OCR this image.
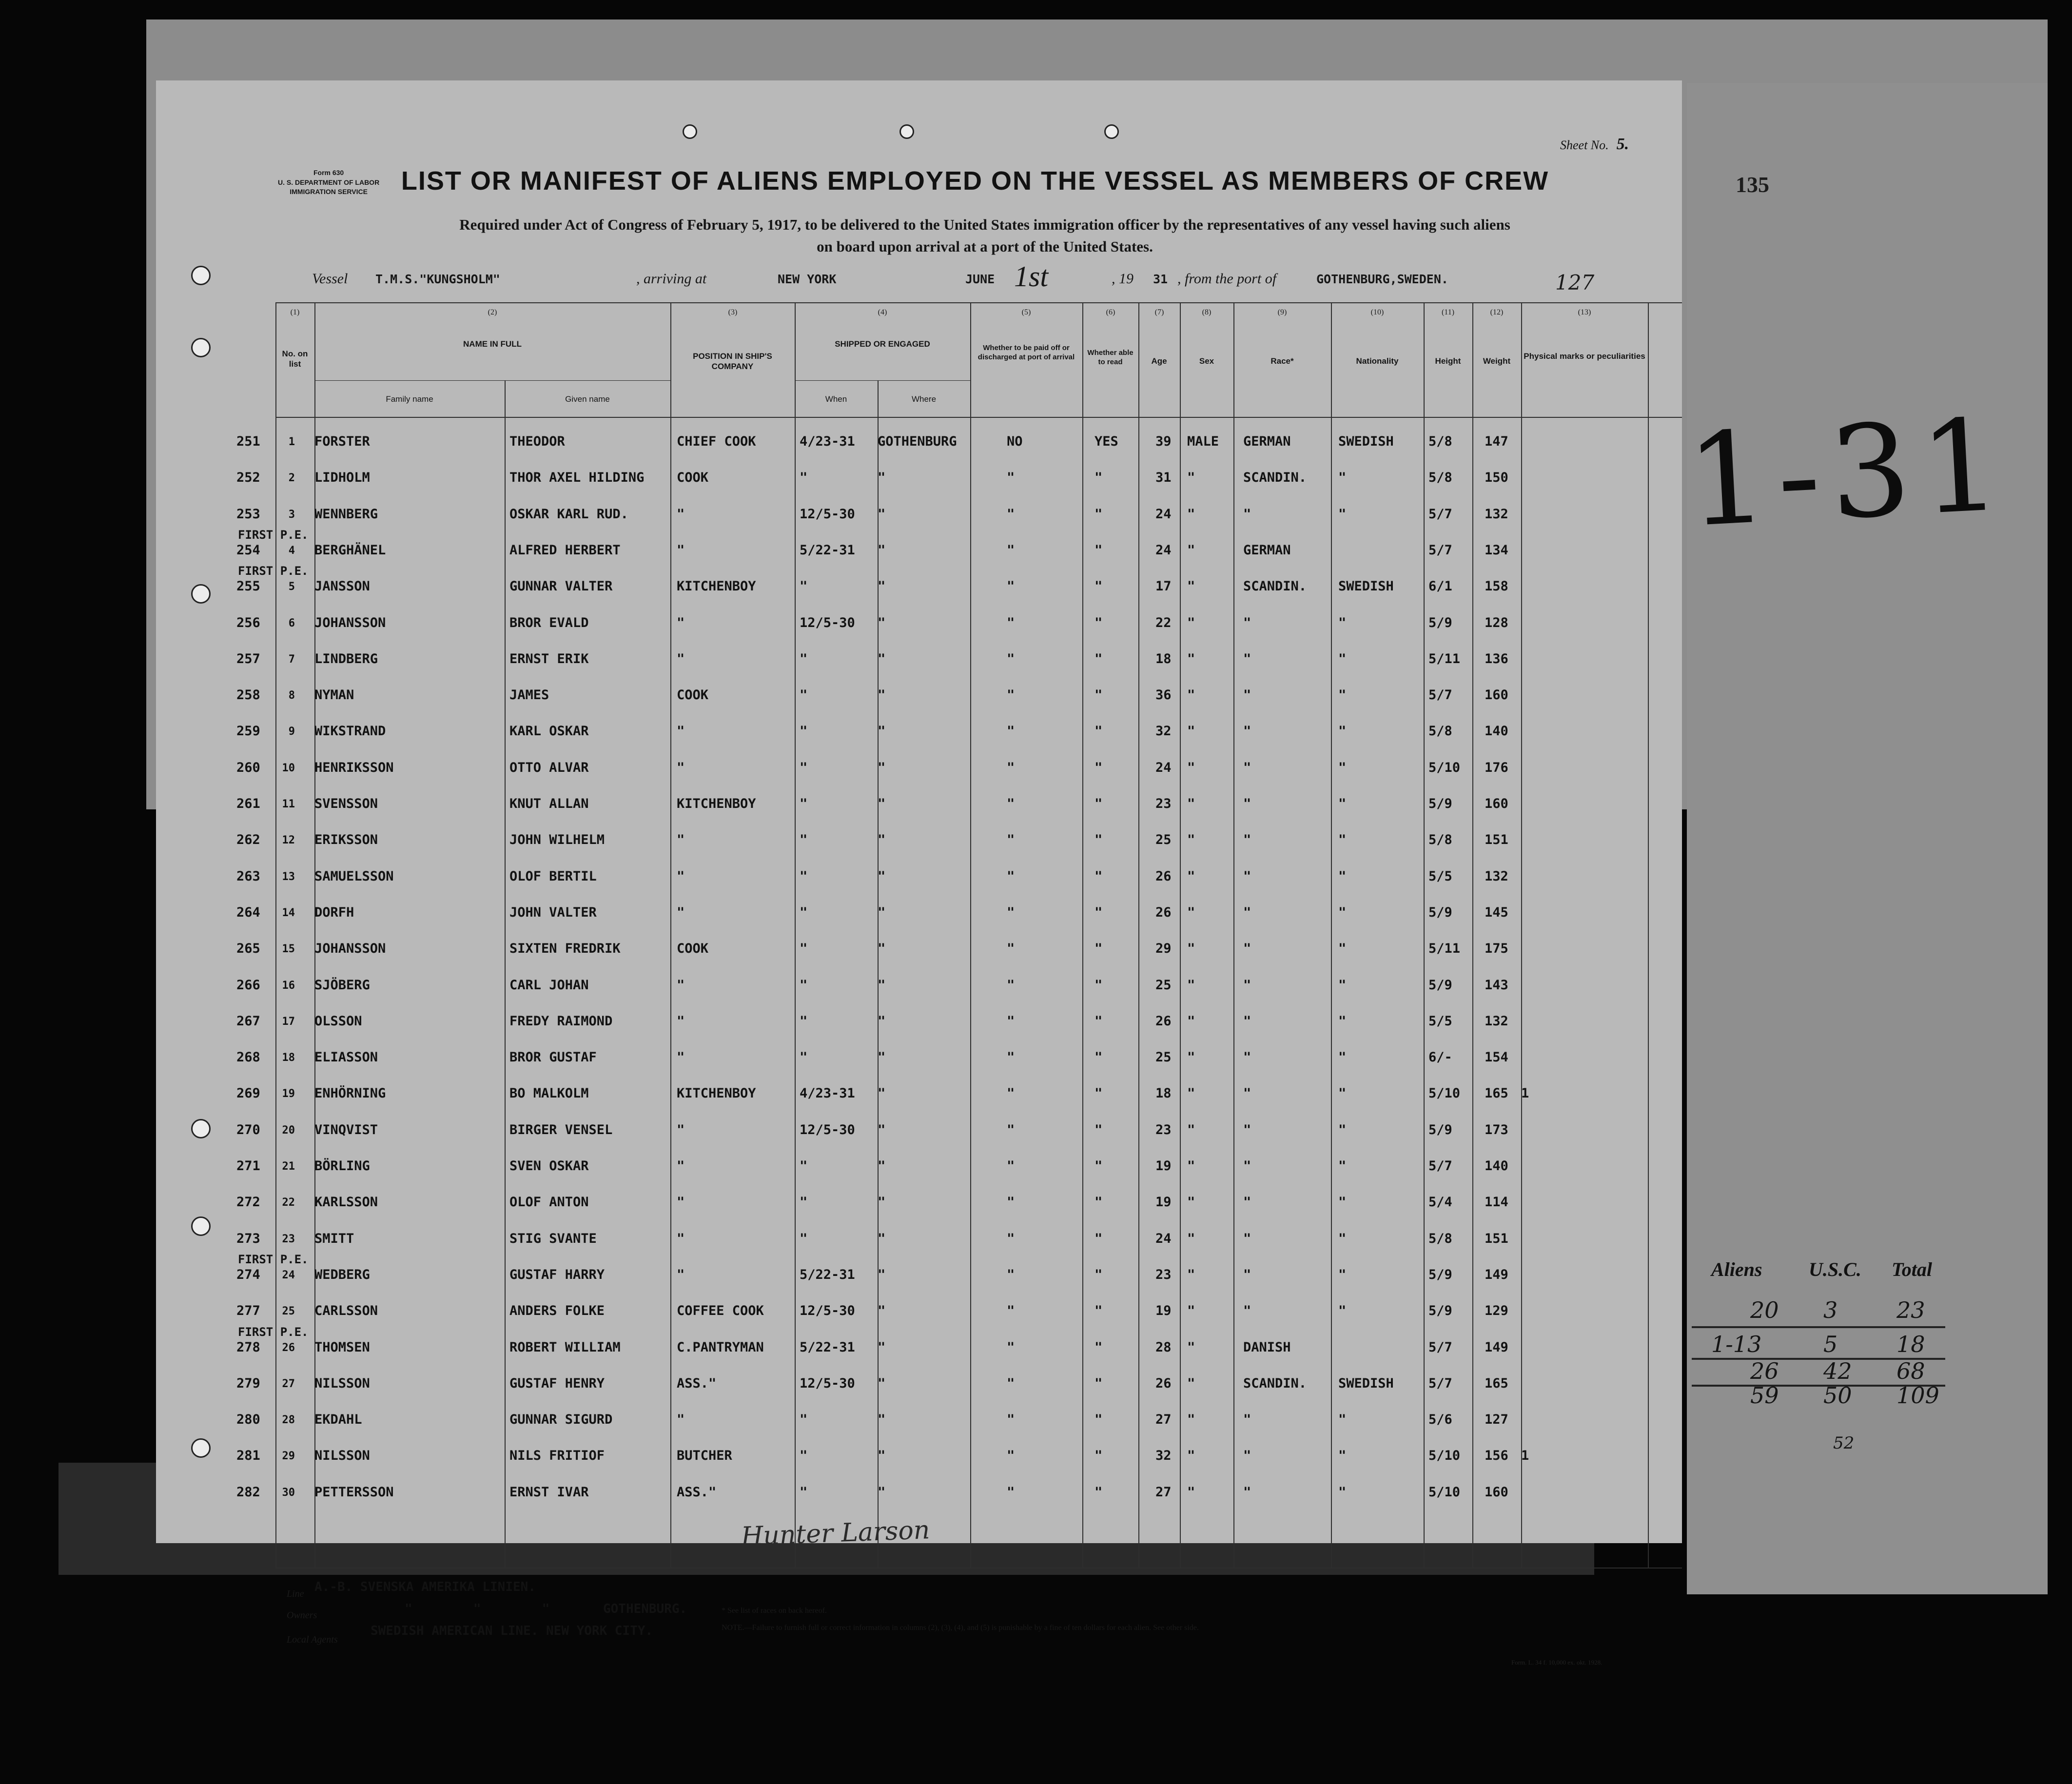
135
1-31
Aliens U.S.C. Total
20 3	23
1-13	5	18
26 42 68
59 50 109
52
Form 630
U. S. DEPARTMENT OF LABOR
IMMIGRATION SERVICE
Sheet No. 5.
LIST OR MANIFEST OF ALIENS EMPLOYED ON THE VESSEL AS MEMBERS OF CREW
Required under Act of Congress of February 5, 1917, to be delivered to the United States immigration officer by the representatives of any vessel having such aliens
on board upon arrival at a port of the United States.
Vessel T.M.S."KUNGSHOLM"	, arriving at	NEW YORK	JUNE 1st	, 19 31 , from the port of	GOTHENBURG,SWEDEN.	127
(1)	(2)	(3)	(4)	(5)	(6)	(7)	(8)	(9)	(10)	(11)	(12)	(13)
No. on list
NAME IN FULL
POSITION IN SHIP'S COMPANY
SHIPPED OR ENGAGED	Whether to be paid off or discharged at port of arrival
Whether able to read	Age	Sex	Race*	Nationality	Height	Weight
Physical marks or peculiarities
Family name	Given name	When	Where
251	1 FORSTER	THEODOR	CHIEF COOK	4/23-31 GOTHENBURG	NO	YES	39 MALE GERMAN	SWEDISH	5/8 147
252	2 LIDHOLM	THOR AXEL HILDING COOK	"	"	"	"	31 "	SCANDIN. "	5/8 150
253	3 WENNBERG	OSKAR KARL RUD.	"	12/5-30 "	"	"	24 "	"	"	5/7 132
254	4 BERGHÄNEL	ALFRED HERBERT	"	5/22-31 "	"	"	24 "	GERMAN	5/7 134
FIRST P.E.
255	5 JANSSON	GUNNAR VALTER	KITCHENBOY	"	"	"	"	17 "	SCANDIN. SWEDISH	6/1 158
FIRST P.E.
256	6 JOHANSSON	BROR EVALD	"	12/5-30 "	"	"	22 "	"	"	5/9 128
257	7 LINDBERG	ERNST ERIK	"	"	"	"	"	18 "	"	"	5/11 136
258	8 NYMAN	JAMES	COOK	"	"	"	"	36 "	"	"	5/7 160
259	9 WIKSTRAND	KARL OSKAR	"	"	"	"	"	32 "	"	"	5/8 140
260	10 HENRIKSSON	OTTO ALVAR	"	"	"	"	"	24 "	"	"	5/10 176
261	11 SVENSSON	KNUT ALLAN	KITCHENBOY	"	"	"	"	23 "	"	"	5/9 160
262	12 ERIKSSON	JOHN WILHELM	"	"	"	"	"	25 "	"	"	5/8 151
263	13 SAMUELSSON	OLOF BERTIL	"	"	"	"	"	26 "	"	"	5/5 132
264	14 DORFH	JOHN VALTER	"	"	"	"	"	26 "	"	"	5/9 145
265	15 JOHANSSON	SIXTEN FREDRIK	COOK	"	"	"	"	29 "	"	"	5/11 175
266	16 SJÖBERG	CARL JOHAN	"	"	"	"	"	25 "	"	"	5/9 143
267	17 OLSSON	FREDY RAIMOND	"	"	"	"	"	26 "	"	"	5/5 132
268	18 ELIASSON	BROR GUSTAF	"	"	"	"	"	25 "	"	"	6/- 154
269	19 ENHÖRNING	BO MALKOLM	KITCHENBOY	4/23-31 "	"	"	18 "	"	"	5/10 165 1
270	20 VINQVIST	BIRGER VENSEL	"	12/5-30 "	"	"	23 "	"	"	5/9 173
271	21 BÖRLING	SVEN OSKAR	"	"	"	"	"	19 "	"	"	5/7 140
272	22 KARLSSON	OLOF ANTON	"	"	"	"	"	19 "	"	"	5/4 114
273	23 SMITT	STIG SVANTE	"	"	"	"	"	24 "	"	"	5/8 151
274	24 WEDBERG	GUSTAF HARRY	"	5/22-31 "	"	"	23 "	"	"	5/9 149
FIRST P.E.
277	25 CARLSSON	ANDERS FOLKE	COFFEE COOK	12/5-30 "	"	"	19 "	"	"	5/9 129
278	26 THOMSEN	ROBERT WILLIAM	C.PANTRYMAN	5/22-31 "	"	"	28 "	DANISH	5/7 149
FIRST P.E.
279	27 NILSSON	GUSTAF HENRY	ASS."	12/5-30 "	"	"	26 "	SCANDIN. SWEDISH	5/7 165
280	28 EKDAHL	GUNNAR SIGURD	"	"	"	"	"	27 "	"	"	5/6 127
281	29 NILSSON	NILS FRITIOF	BUTCHER	"	"	"	"	32 "	"	"	5/10 156 1
282	30 PETTERSSON	ERNST IVAR	ASS."	"	"	"	"	27 "	"	"	5/10 160
Hunter Larson
Line A.-B. SVENSKA AMERIKA LINIEN.
Owners	"        "        "       GOTHENBURG.
Local Agents
SWEDISH AMERICAN LINE. NEW YORK CITY.
* See list of races on back hereof.
NOTE.—Failure to furnish full or correct information in columns (2), (3), (4), and (5) is punishable by a fine of ten dollars for each alien. See other side.
Form. L. 34 f. 10,000 ex. okt. 1928.
